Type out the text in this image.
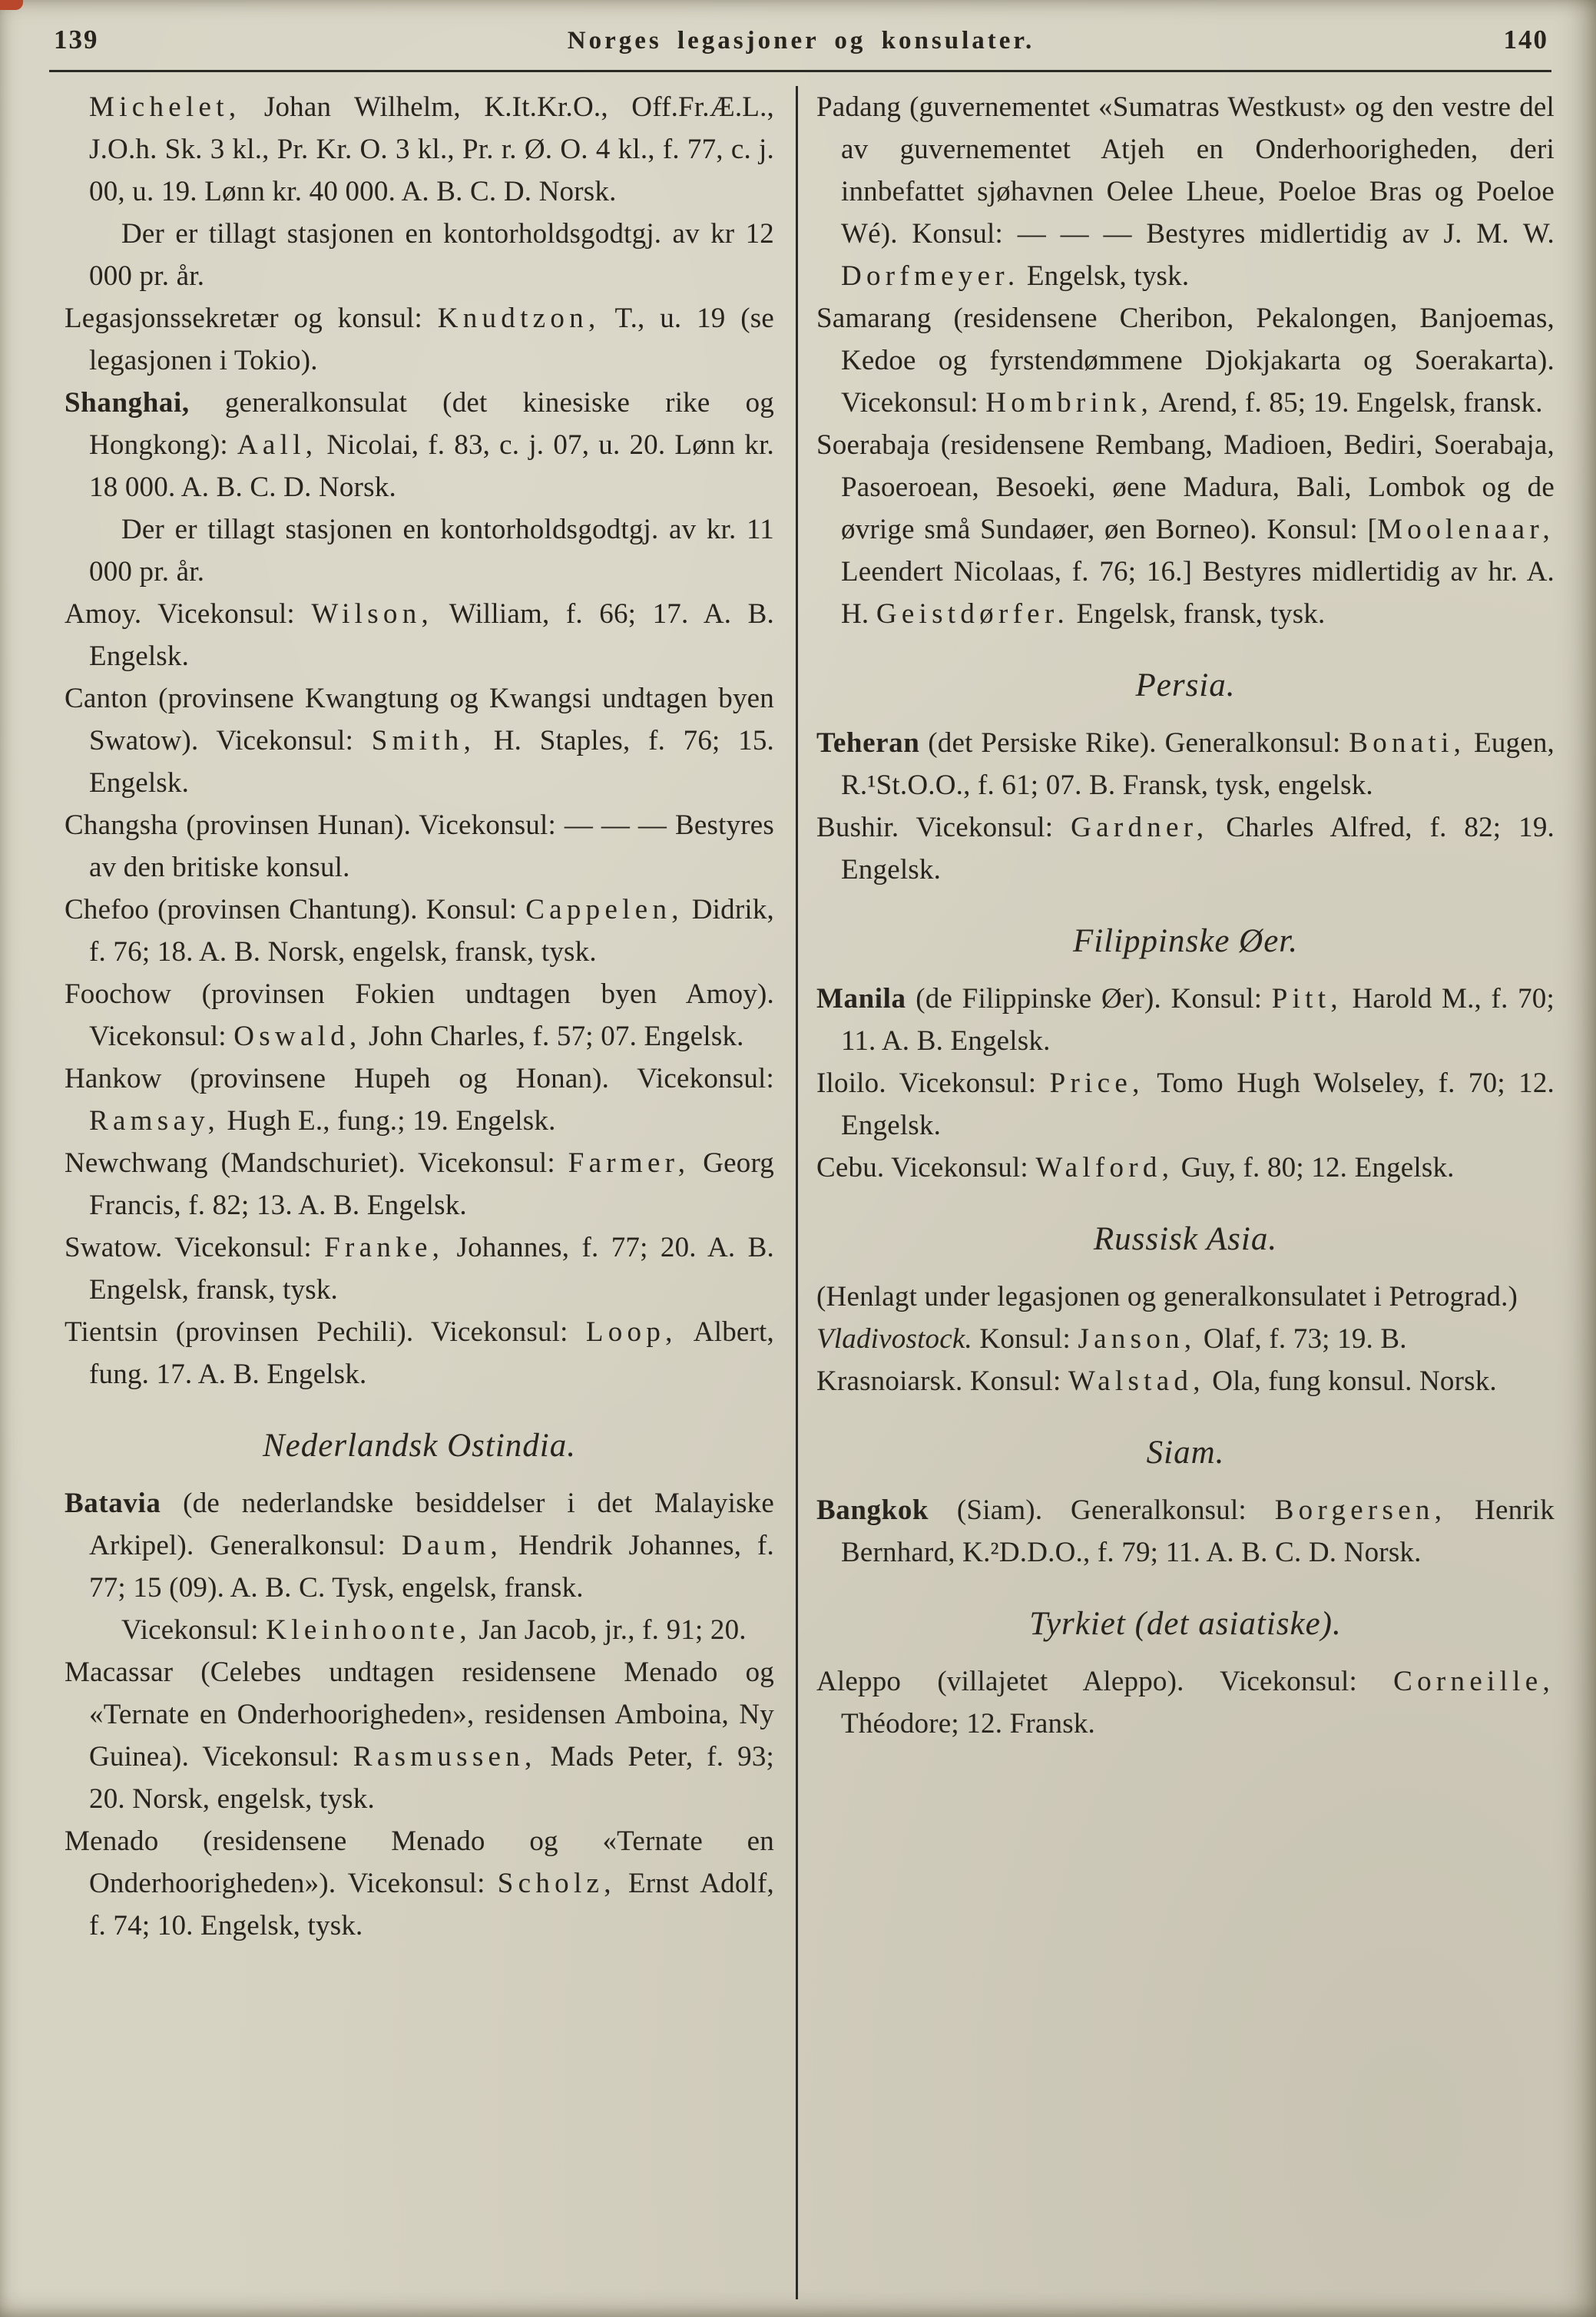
139	Norges legasjoner og konsulater.	140

Michelet, Johan Wilhelm, K.It.Kr.O., Off.Fr.Æ.L., J.O.h. Sk. 3 kl., Pr. Kr. O. 3 kl., Pr. r. Ø. O. 4 kl., f. 77, c. j. 00, u. 19. Lønn kr. 40 000. A. B. C. D. Norsk.

Der er tillagt stasjonen en kontorholdsgodtgj. av kr 12 000 pr. år.

Legasjonssekretær og konsul: Knudtzon, T., u. 19 (se legasjonen i Tokio).

Shanghai, generalkonsulat (det kinesiske rike og Hongkong): Aall, Nicolai, f. 83, c. j. 07, u. 20. Lønn kr. 18 000. A. B. C. D. Norsk.

Der er tillagt stasjonen en kontorholdsgodtgj. av kr. 11 000 pr. år.

Amoy. Vicekonsul: Wilson, William, f. 66; 17. A. B. Engelsk.

Canton (provinsene Kwangtung og Kwangsi undtagen byen Swatow). Vicekonsul: Smith, H. Staples, f. 76; 15. Engelsk.

Changsha (provinsen Hunan). Vicekonsul: — — — Bestyres av den britiske konsul.

Chefoo (provinsen Chantung). Konsul: Cappelen, Didrik, f. 76; 18. A. B. Norsk, engelsk, fransk, tysk.

Foochow (provinsen Fokien undtagen byen Amoy). Vicekonsul: Oswald, John Charles, f. 57; 07. Engelsk.

Hankow (provinsene Hupeh og Honan). Vicekonsul: Ramsay, Hugh E., fung.; 19. Engelsk.

Newchwang (Mandschuriet). Vicekonsul: Farmer, Georg Francis, f. 82; 13. A. B. Engelsk.

Swatow. Vicekonsul: Franke, Johannes, f. 77; 20. A. B. Engelsk, fransk, tysk.

Tientsin (provinsen Pechili). Vicekonsul: Loop, Albert, fung. 17. A. B. Engelsk.

Nederlandsk Ostindia.

Batavia (de nederlandske besiddelser i det Malayiske Arkipel). Generalkonsul: Daum, Hendrik Johannes, f. 77; 15 (09). A. B. C. Tysk, engelsk, fransk.

Vicekonsul: Kleinhoonte, Jan Jacob, jr., f. 91; 20.

Macassar (Celebes undtagen residensene Menado og «Ternate en Onderhoorigheden», residensen Amboina, Ny Guinea). Vicekonsul: Rasmussen, Mads Peter, f. 93; 20. Norsk, engelsk, tysk.

Menado (residensene Menado og «Ternate en Onderhoorigheden»). Vicekonsul: Scholz, Ernst Adolf, f. 74; 10. Engelsk, tysk.

Padang (guvernementet «Sumatras Westkust» og den vestre del av guvernementet Atjeh en Onderhoorigheden, deri innbefattet sjøhavnen Oelee Lheue, Poeloe Bras og Poeloe Wé). Konsul: — — — Bestyres midlertidig av J. M. W. Dorfmeyer. Engelsk, tysk.

Samarang (residensene Cheribon, Pekalongen, Banjoemas, Kedoe og fyrstendømmene Djokjakarta og Soerakarta). Vicekonsul: Hombrink, Arend, f. 85; 19. Engelsk, fransk.

Soerabaja (residensene Rembang, Madioen, Bediri, Soerabaja, Pasoeroean, Besoeki, øene Madura, Bali, Lombok og de øvrige små Sundaøer, øen Borneo). Konsul: [Moolenaar, Leendert Nicolaas, f. 76; 16.] Bestyres midlertidig av hr. A. H. Geistdørfer. Engelsk, fransk, tysk.

Persia.

Teheran (det Persiske Rike). Generalkonsul: Bonati, Eugen, R.¹St.O.O., f. 61; 07. B. Fransk, tysk, engelsk.

Bushir. Vicekonsul: Gardner, Charles Alfred, f. 82; 19. Engelsk.

Filippinske Øer.

Manila (de Filippinske Øer). Konsul: Pitt, Harold M., f. 70; 11. A. B. Engelsk.

Iloilo. Vicekonsul: Price, Tomo Hugh Wolseley, f. 70; 12. Engelsk.

Cebu. Vicekonsul: Walford, Guy, f. 80; 12. Engelsk.

Russisk Asia.

(Henlagt under legasjonen og generalkonsulatet i Petrograd.)

Vladivostock. Konsul: Janson, Olaf, f. 73; 19. B.

Krasnoiarsk. Konsul: Walstad, Ola, fung konsul. Norsk.

Siam.

Bangkok (Siam). Generalkonsul: Borgersen, Henrik Bernhard, K.²D.D.O., f. 79; 11. A. B. C. D. Norsk.

Tyrkiet (det asiatiske).

Aleppo (villajetet Aleppo). Vicekonsul: Corneille, Théodore; 12. Fransk.
